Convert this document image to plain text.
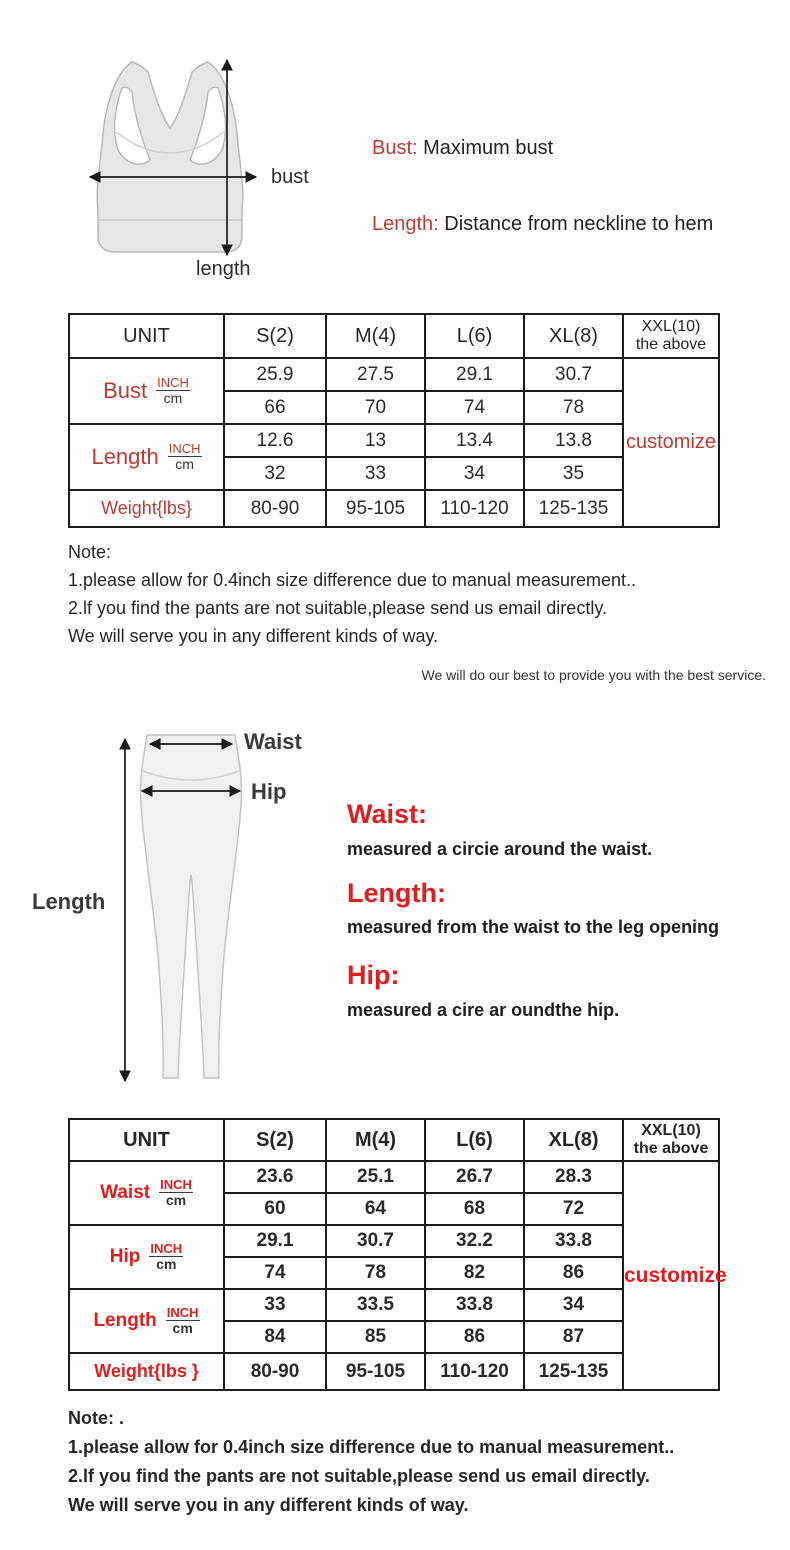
bust
length
Bust: Maximum bust
Length: Distance from neckline to hem
UNIT	S(2)	M(4)	L(6)	XL(8)	XXL(10)
the above

Bust $\frac{\text{INCH}}{cm}$	25.9	27.5	29.1	30.7	customize
	66	70	74	78	

Length $\frac{\text{INCH}}{cm}$	12.6	13	13.4	13.8	
	32	33	34	35	
Weight{lbs}	80-90	95-105	110-120	125-135	
Note:
1.please allow for 0.4inch size difference due to manual measurement..
2.lf you find the pants are not suitable,please send us email directly.
We will serve you in any different kinds of way.
We will do our best to provide you with the best service.
Waist
Hip
Length
Waist:
measured a circie around the waist.
Length:
measured from the waist to the leg opening
Hip:
measured a cire ar oundthe hip.
UNIT	S(2)	M(4)	L(6)	XL(8)	XXL(10)
the above

Waist $\frac{\text{INCH}}{cm}$	23.6	25.1	26.7	28.3	customize
	60	64	68	72	

Hip $\frac{\text{INCH}}{cm}$	29.1	30.7	32.2	33.8	
	74	78	82	86	

Length $\frac{\text{INCH}}{cm}$	33	33.5	33.8	34	
	84	85	86	87	
Weight{lbs }	80-90	95-105	110-120	125-135	
Note: .
1.please allow for 0.4inch size difference due to manual measurement..
2.lf you find the pants are not suitable,please send us email directly.
We will serve you in any different kinds of way.
